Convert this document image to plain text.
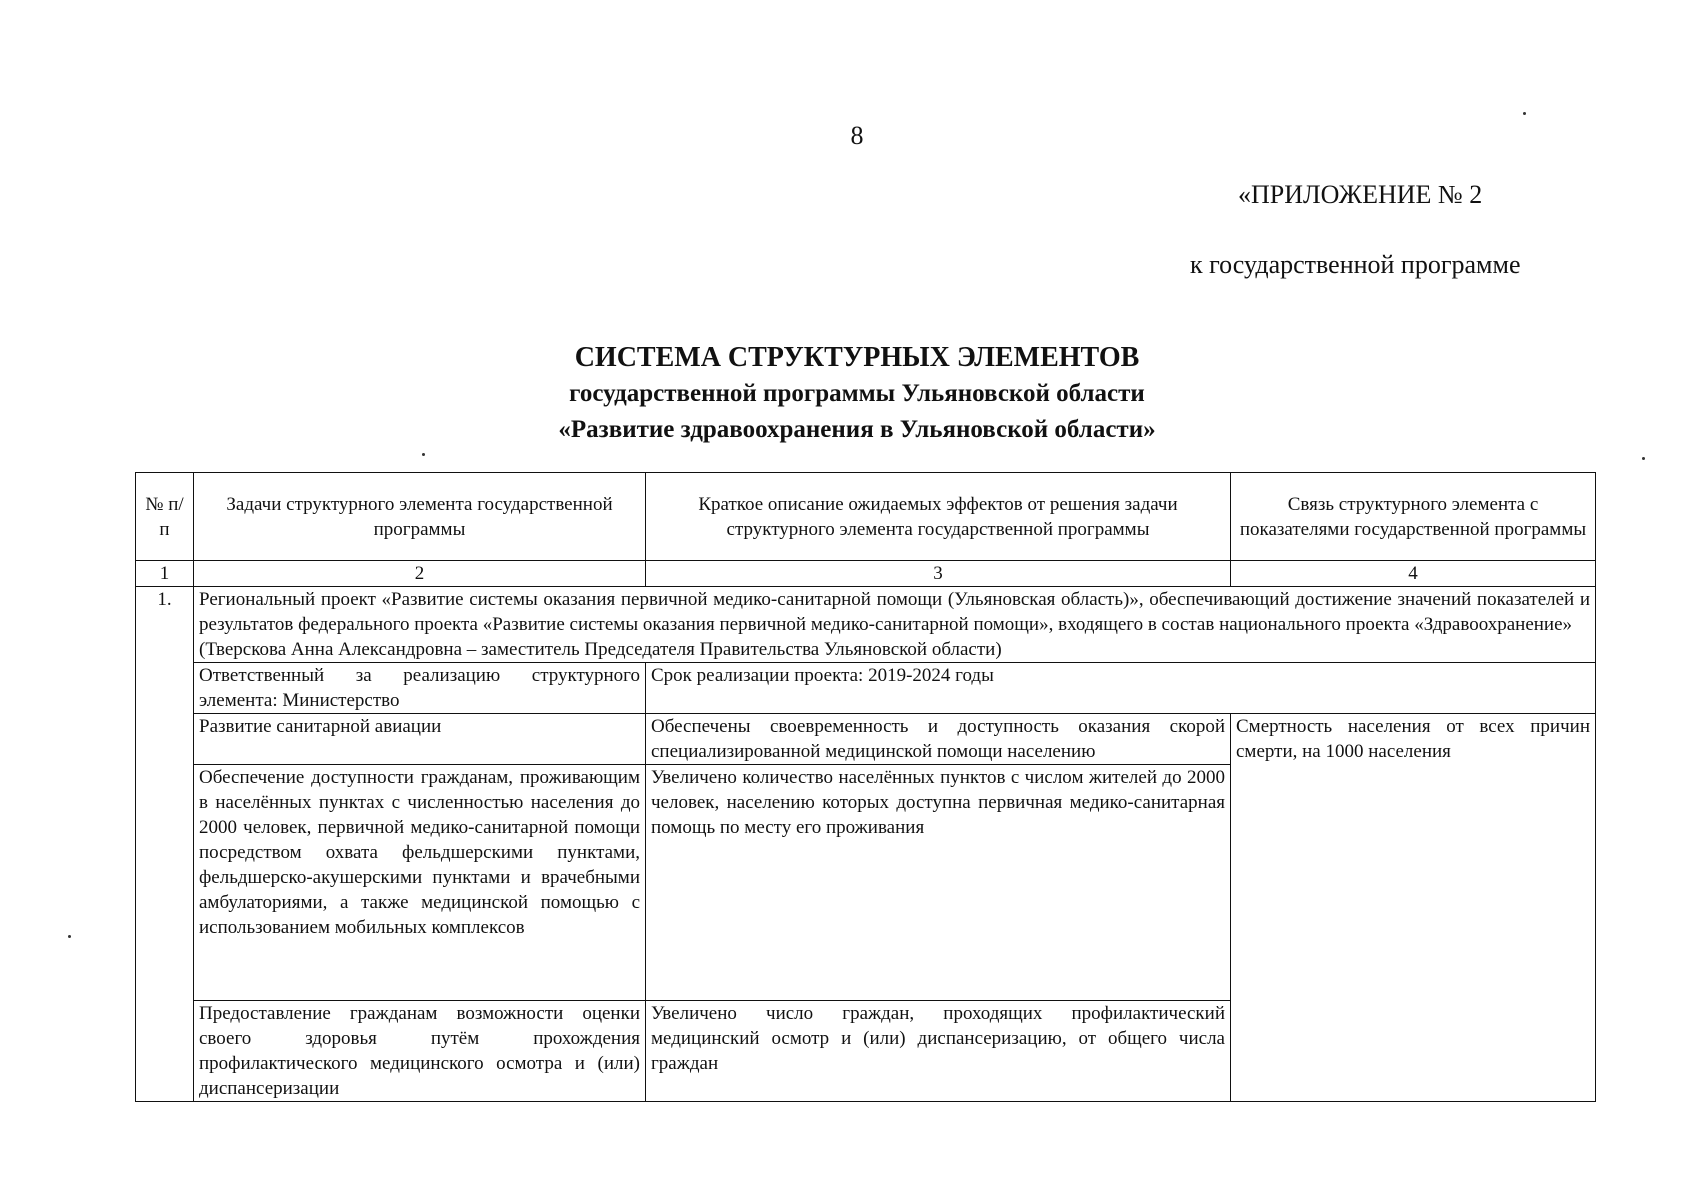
8
«ПРИЛОЖЕНИЕ № 2
к государственной программе
СИСТЕМА СТРУКТУРНЫХ ЭЛЕМЕНТОВ
государственной программы Ульяновской области
«Развитие здравоохранения в Ульяновской области»
№ п/п	Задачи структурного элемента государственной программы	Краткое описание ожидаемых эффектов от решения задачи структурного элемента государственной программы	Связь структурного элемента с показателями государственной программы
1	2	3	4
1.	Региональный проект «Развитие системы оказания первичной медико-санитарной помощи (Ульяновская область)», обеспечивающий достижение значений показателей и результатов федерального проекта «Развитие системы оказания первичной медико-санитарной помощи», входящего в состав национального проекта «Здравоохранение»
(Тверскова Анна Александровна – заместитель Председателя Правительства Ульяновской области)		

	Ответственный за реализацию структурного элемента: Министерство	Срок реализации проекта: 2019-2024 годы	
	Развитие санитарной авиации	Обеспечены своевременность и доступность оказания скорой специализированной медицинской помощи населению	Смертность населения от всех причин смерти, на 1000 населения
	Обеспечение доступности гражданам, проживающим в населённых пунктах с численностью населения до 2000 человек, первичной медико-санитарной помощи посредством охвата фельдшерскими пунктами, фельдшерско-акушерскими пунктами и врачебными амбулаториями, а также медицинской помощью с использованием мобильных комплексов	Увеличено количество населённых пунктов с числом жителей до 2000 человек, населению которых доступна первичная медико-санитарная помощь по месту его проживания	
	Предоставление гражданам возможности оценки своего здоровья путём прохождения профилактического медицинского осмотра и (или) диспансеризации	Увеличено число граждан, проходящих профилактический медицинский осмотр и (или) диспансеризацию, от общего числа граждан	
